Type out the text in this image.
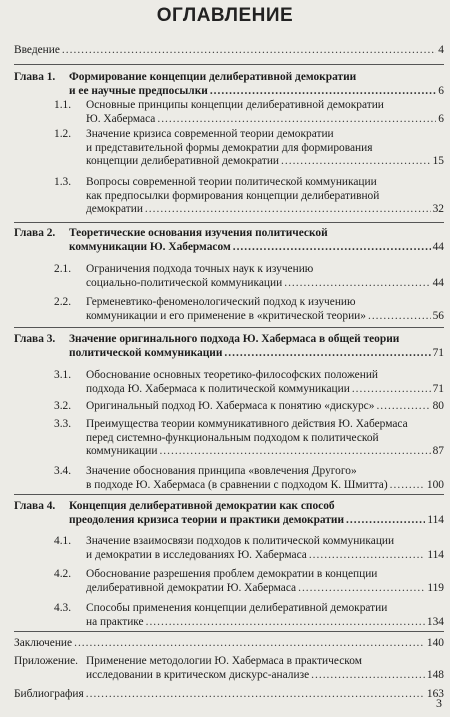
ОГЛАВЛЕНИЕ
Введение .....	4
Глава 1. Формирование концепции делиберативной демократии
и ее научные предпосылки .....	6
1.1. Основные принципы концепции делиберативной демократии
Ю. Хабермаса .....	6
1.2. Значение кризиса современной теории демократии
и представительной формы демократии для формирования
концепции делиберативной демократии .....	15
1.3. Вопросы современной теории политической коммуникации
как предпосылки формирования концепции делиберативной
демократии .....	32
Глава 2. Теоретические основания изучения политической
коммуникации Ю. Хабермасом .....	44
2.1. Ограничения подхода точных наук к изучению
социально-политической коммуникации .....	44
2.2. Герменевтико-феноменологический подход к изучению
коммуникации и его применение в «критической теории» .....	56
Глава 3. Значение оригинального подхода Ю. Хабермаса в общей теории
политической коммуникации .....	71
3.1. Обоснование основных теоретико-философских положений
подхода Ю. Хабермаса к политической коммуникации .....	71
3.2. Оригинальный подход Ю. Хабермаса к понятию «дискурс» .....	80
3.3. Преимущества теории коммуникативного действия Ю. Хабермаса
перед системно-функциональным подходом к политической
коммуникации .....	87
3.4. Значение обоснования принципа «вовлечения Другого»
в подходе Ю. Хабермаса (в сравнении с подходом К. Шмитта) .....	100
Глава 4. Концепция делиберативной демократии как способ
преодоления кризиса теории и практики демократии .....	114
4.1. Значение взаимосвязи подходов к политической коммуникации
и демократии в исследованиях Ю. Хабермаса .....	114
4.2. Обоснование разрешения проблем демократии в концепции
делиберативной демократии Ю. Хабермаса .....	119
4.3. Способы применения концепции делиберативной демократии
на практике .....	134
Заключение .....	140
Приложение. Применение методологии Ю. Хабермаса в практическом
исследовании в критическом дискурс-анализе .....	148
Библиография .....	163
3
